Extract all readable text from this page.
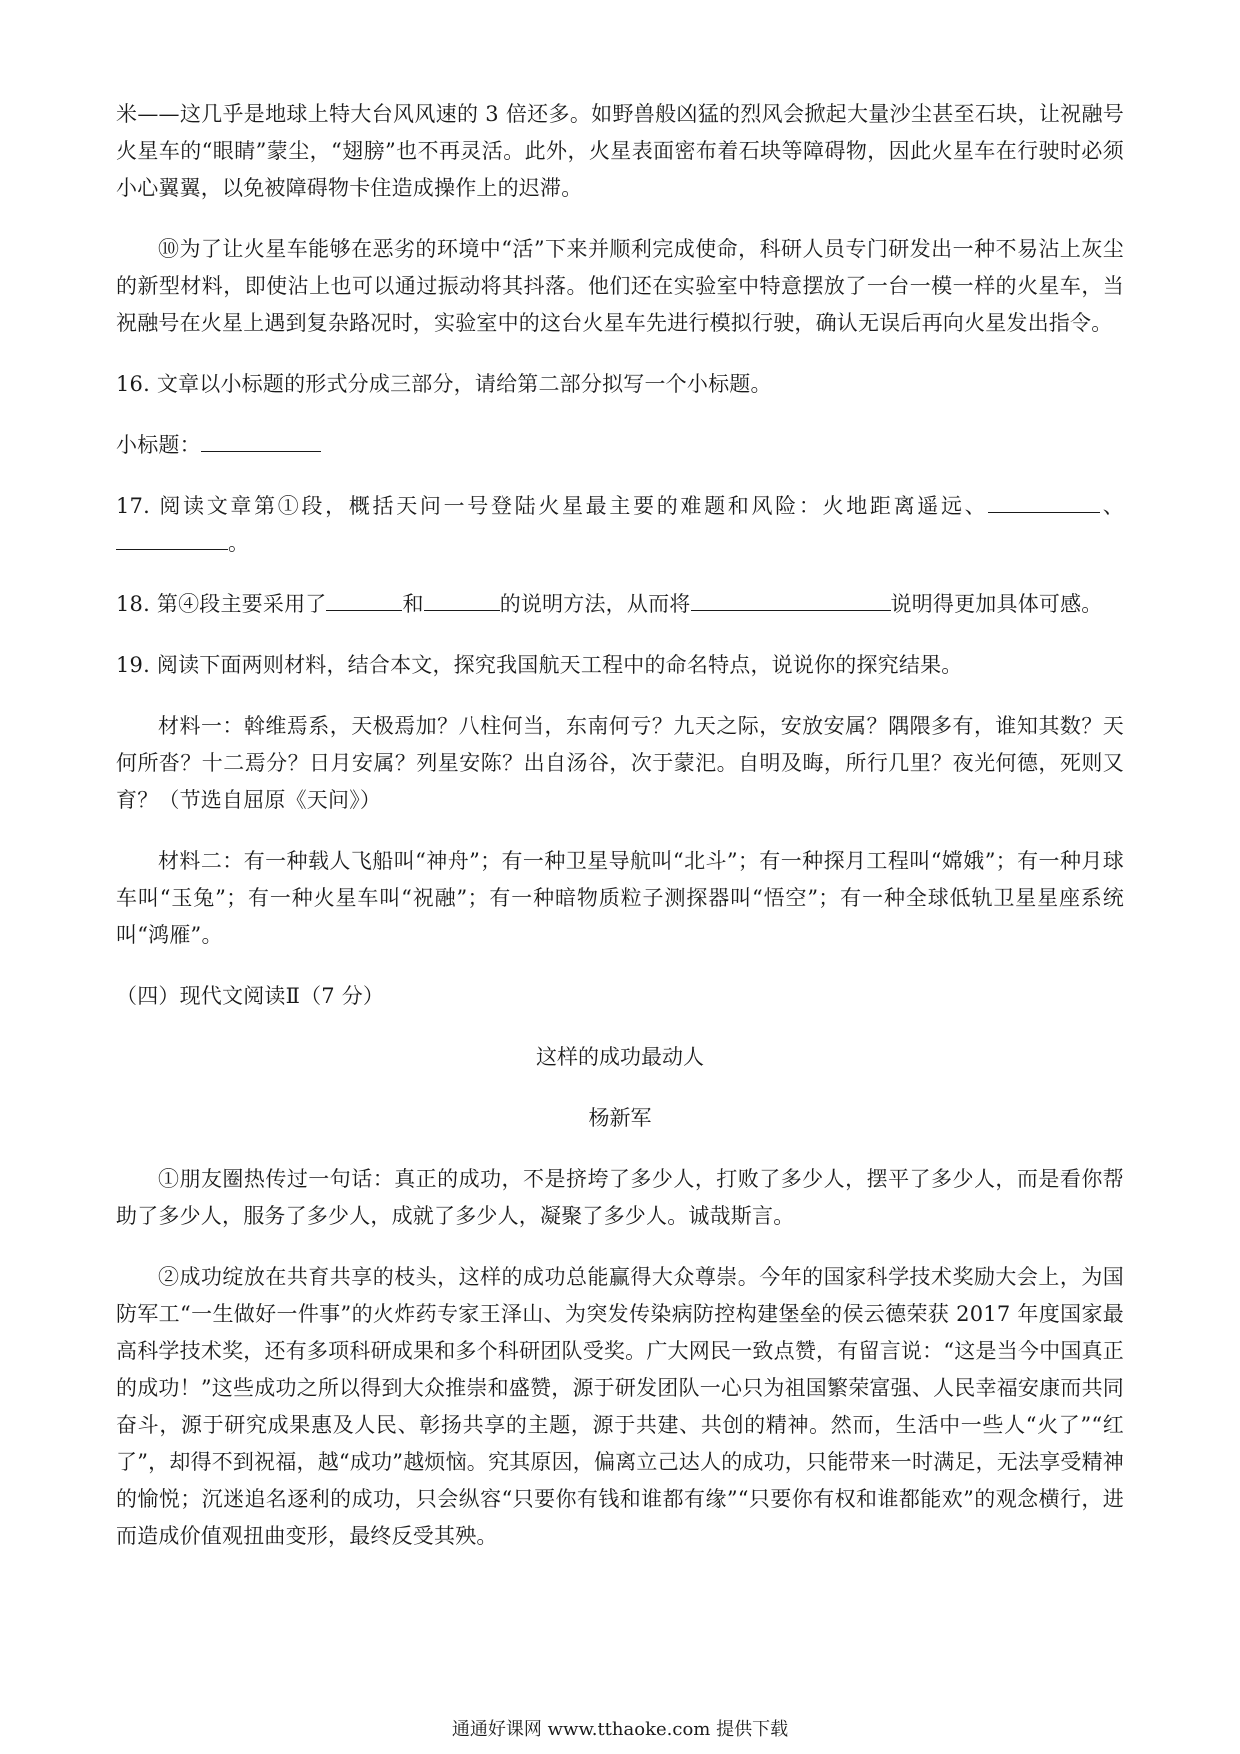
米——这几乎是地球上特大台风风速的 3 倍还多。如野兽般凶猛的烈风会掀起大量沙尘甚至石块，让祝融号火星车的“眼睛”蒙尘，“翅膀”也不再灵活。此外，火星表面密布着石块等障碍物，因此火星车在行驶时必须小心翼翼，以免被障碍物卡住造成操作上的迟滞。

⑩为了让火星车能够在恶劣的环境中“活”下来并顺利完成使命，科研人员专门研发出一种不易沾上灰尘的新型材料，即使沾上也可以通过振动将其抖落。他们还在实验室中特意摆放了一台一模一样的火星车，当祝融号在火星上遇到复杂路况时，实验室中的这台火星车先进行模拟行驶，确认无误后再向火星发出指令。

16. 文章以小标题的形式分成三部分，请给第二部分拟写一个小标题。

小标题：

17. 阅读文章第①段，概括天问一号登陆火星最主要的难题和风险：火地距离遥远、	、。

18. 第④段主要采用了	和	的说明方法，从而将	说明得更加具体可感。

19. 阅读下面两则材料，结合本文，探究我国航天工程中的命名特点，说说你的探究结果。

材料一：斡维焉系，天极焉加？八柱何当，东南何亏？九天之际，安放安属？隅隈多有，谁知其数？天何所沓？十二焉分？日月安属？列星安陈？出自汤谷，次于蒙汜。自明及晦，所行几里？夜光何德，死则又育？（节选自屈原《天问》）

材料二：有一种载人飞船叫“神舟”；有一种卫星导航叫“北斗”；有一种探月工程叫“嫦娥”；有一种月球车叫“玉兔”；有一种火星车叫“祝融”；有一种暗物质粒子测探器叫“悟空”；有一种全球低轨卫星星座系统叫“鸿雁”。

（四）现代文阅读Ⅱ（7 分）

这样的成功最动人

杨新军

①朋友圈热传过一句话：真正的成功，不是挤垮了多少人，打败了多少人，摆平了多少人，而是看你帮助了多少人，服务了多少人，成就了多少人，凝聚了多少人。诚哉斯言。

②成功绽放在共育共享的枝头，这样的成功总能赢得大众尊崇。今年的国家科学技术奖励大会上，为国防军工“一生做好一件事”的火炸药专家王泽山、为突发传染病防控构建堡垒的侯云德荣获 2017 年度国家最高科学技术奖，还有多项科研成果和多个科研团队受奖。广大网民一致点赞，有留言说：“这是当今中国真正的成功！”这些成功之所以得到大众推崇和盛赞，源于研发团队一心只为祖国繁荣富强、人民幸福安康而共同奋斗，源于研究成果惠及人民、彰扬共享的主题，源于共建、共创的精神。然而，生活中一些人“火了”“红了”，却得不到祝福，越“成功”越烦恼。究其原因，偏离立己达人的成功，只能带来一时满足，无法享受精神的愉悦；沉迷追名逐利的成功，只会纵容“只要你有钱和谁都有缘”“只要你有权和谁都能欢”的观念横行，进而造成价值观扭曲变形，最终反受其殃。

通通好课网 www.tthaoke.com 提供下载
